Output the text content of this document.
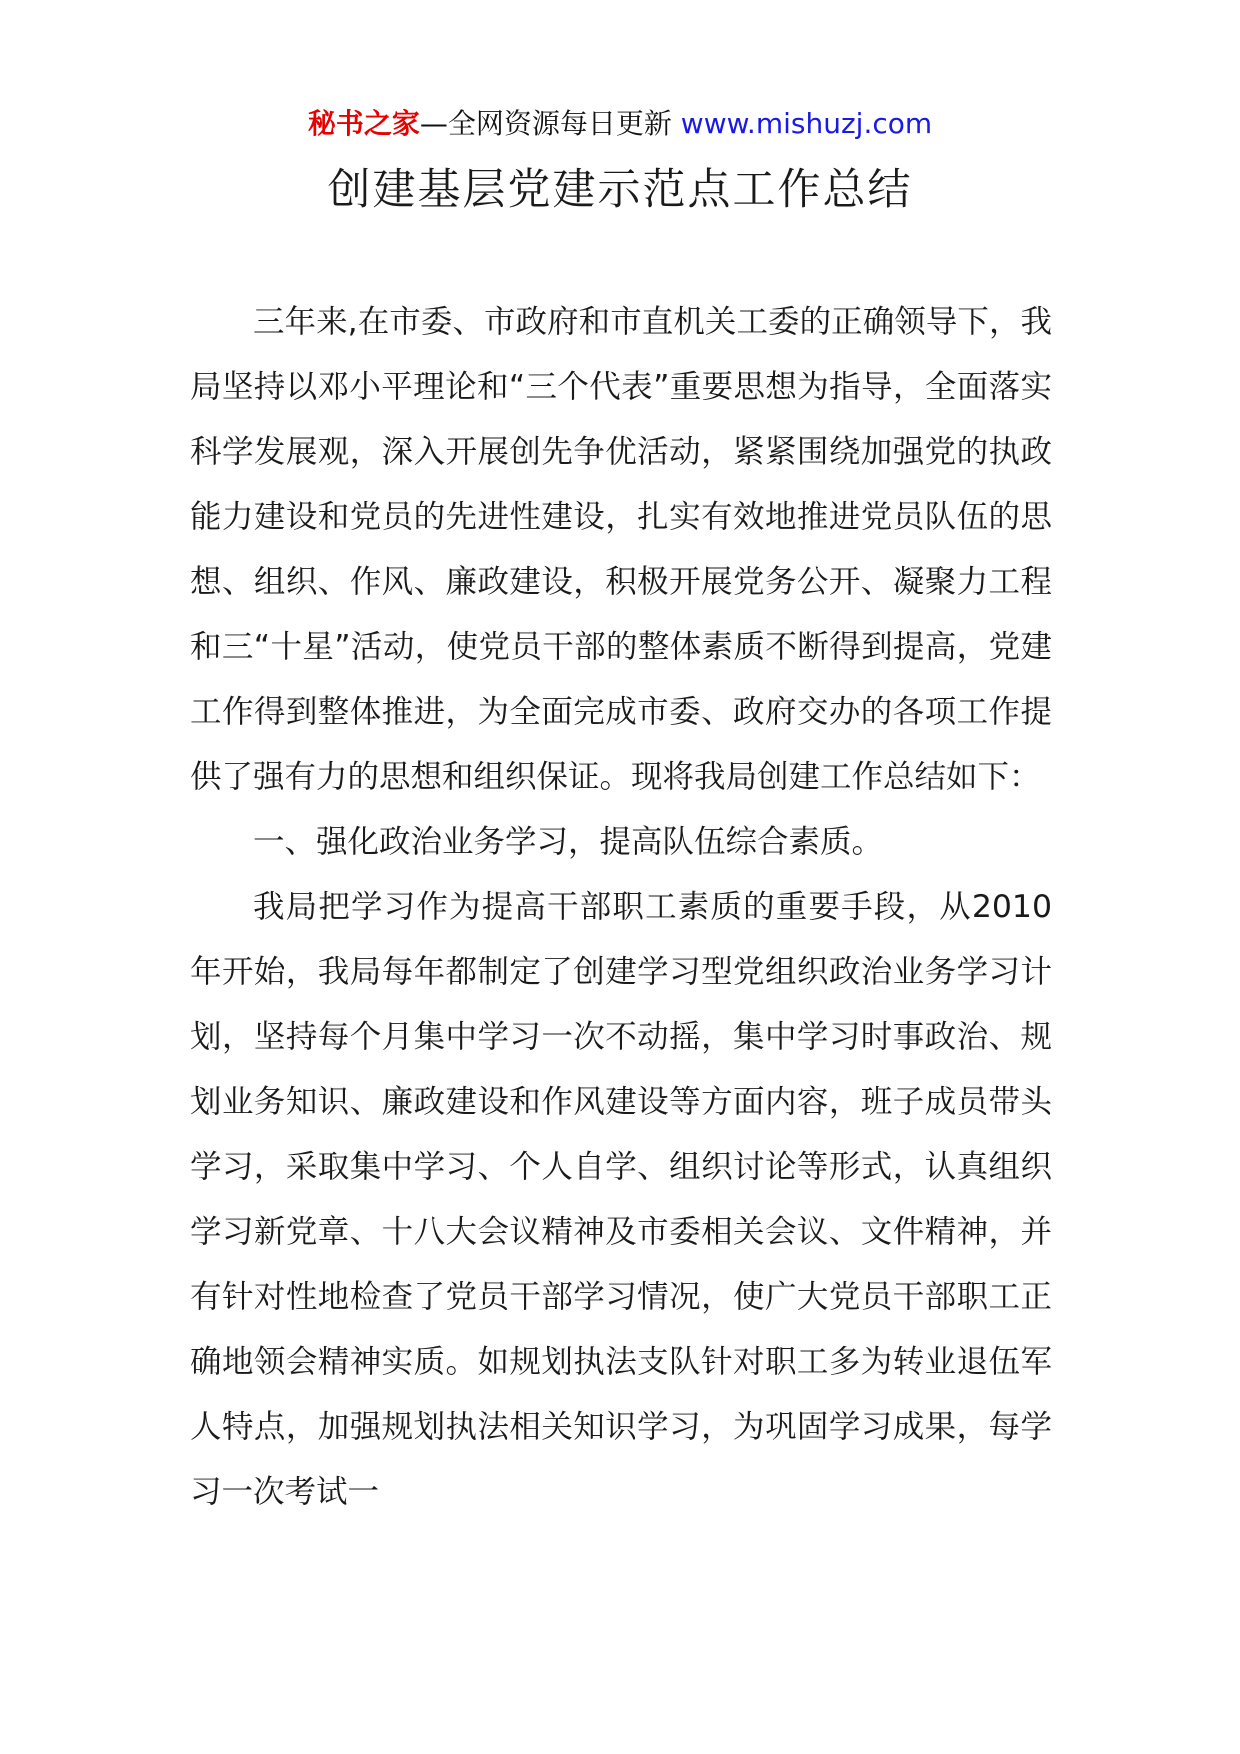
秘书之家—全网资源每日更新 www.mishuzj.com
创建基层党建示范点工作总结

三年来,在市委、市政府和市直机关工委的正确领导下，我局坚持以邓小平理论和“三个代表”重要思想为指导，全面落实科学发展观，深入开展创先争优活动，紧紧围绕加强党的执政能力建设和党员的先进性建设，扎实有效地推进党员队伍的思想、组织、作风、廉政建设，积极开展党务公开、凝聚力工程和三“十星”活动，使党员干部的整体素质不断得到提高，党建工作得到整体推进，为全面完成市委、政府交办的各项工作提供了强有力的思想和组织保证。现将我局创建工作总结如下：

一、强化政治业务学习，提高队伍综合素质。

我局把学习作为提高干部职工素质的重要手段，从2010年开始，我局每年都制定了创建学习型党组织政治业务学习计划，坚持每个月集中学习一次不动摇，集中学习时事政治、规划业务知识、廉政建设和作风建设等方面内容，班子成员带头学习，采取集中学习、个人自学、组织讨论等形式，认真组织学习新党章、十八大会议精神及市委相关会议、文件精神，并有针对性地检查了党员干部学习情况，使广大党员干部职工正确地领会精神实质。如规划执法支队针对职工多为转业退伍军人特点，加强规划执法相关知识学习，为巩固学习成果，每学习一次考试一
